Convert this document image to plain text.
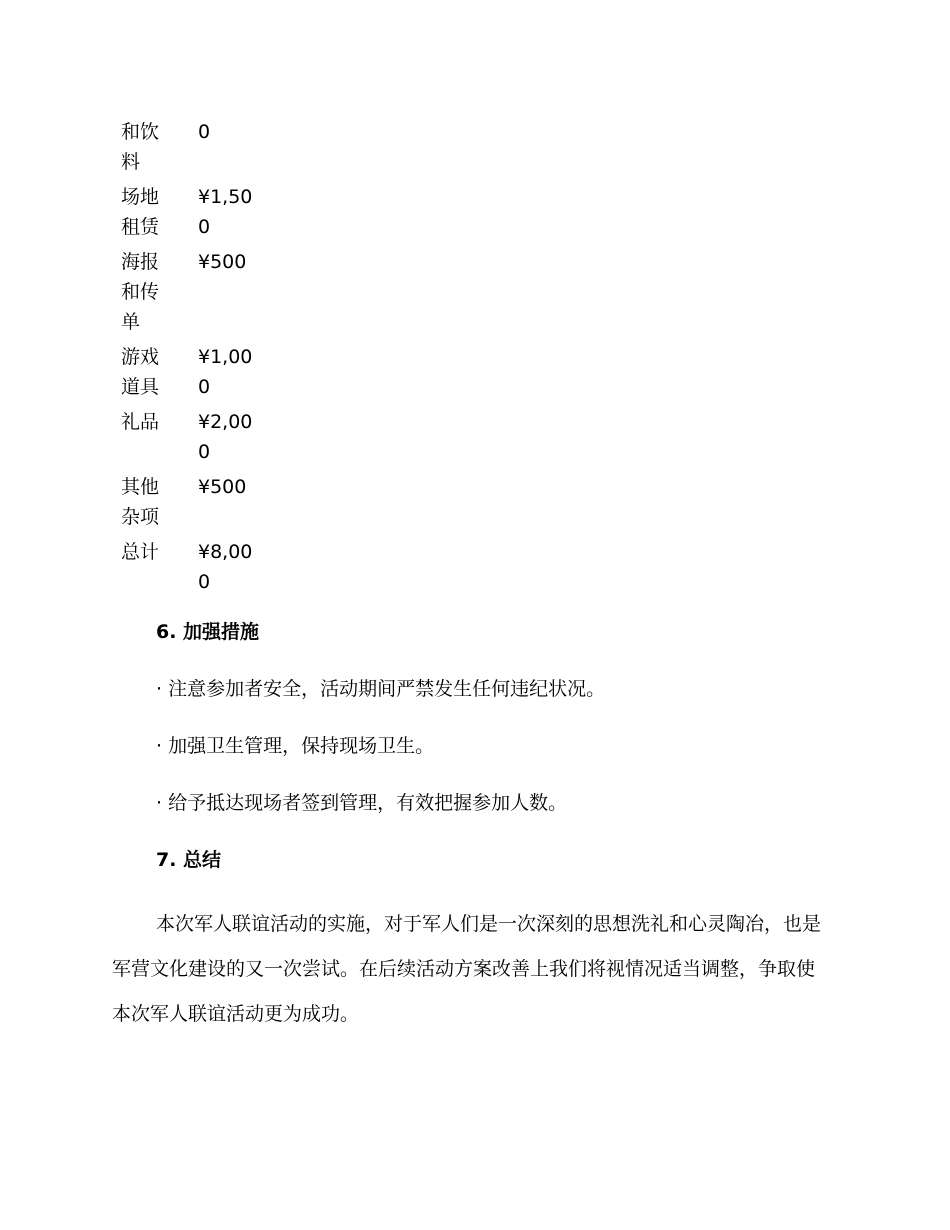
和饮料	0
场地租赁	¥1,500
海报和传单	¥500
游戏道具	¥1,000
礼品	¥2,000
其他杂项	¥500
总计	¥8,000
6. 加强措施
· 注意参加者安全，活动期间严禁发生任何违纪状况。
· 加强卫生管理，保持现场卫生。
· 给予抵达现场者签到管理，有效把握参加人数。
7. 总结

本次军人联谊活动的实施，对于军人们是一次深刻的思想洗礼和心灵陶冶，也是军营文化建设的又一次尝试。在后续活动方案改善上我们将视情况适当调整，争取使本次军人联谊活动更为成功。
